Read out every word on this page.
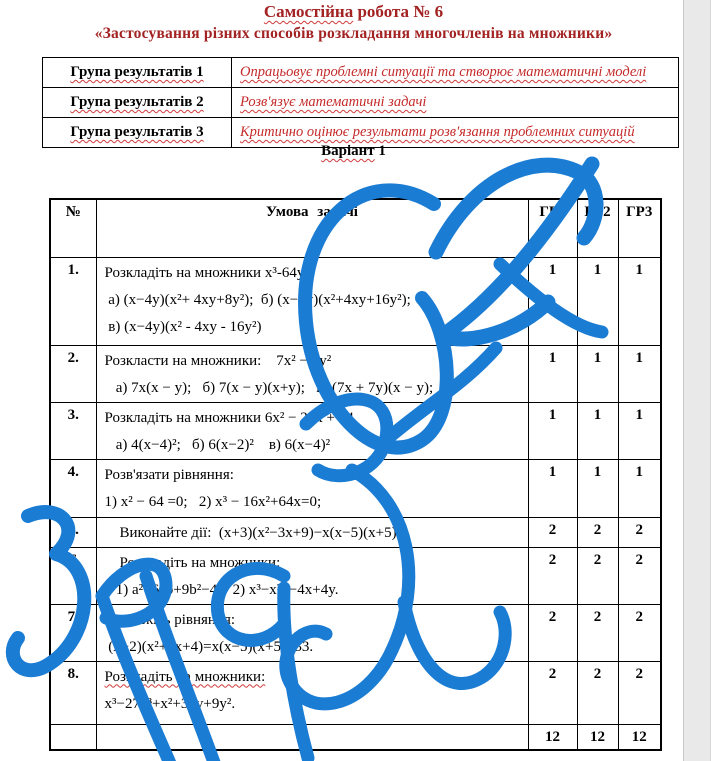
Самостійна робота № 6
«Застосування різних способів розкладання многочленів на множники»
Група результатів 1	Опрацьовує проблемні ситуації та створює математичні моделі
Група результатів 2	Розв'язує математичні задачі
Група результатів 3	Критично оцінює результати розв'язання проблемних ситуацій
Варіант 1
№	Умова задачі	ГР1	ГР2	ГР3
1.	Розкладіть на множники x³-64y³
а) (x−4y)(x²+ 4xy+8y²);  б) (x−4y)(x²+4xy+16y²);
в) (x−4y)(x² - 4xy - 16y²)	1	1	1
2.	Розкласти на множники:    7x² − 7y²
а) 7x(x − y);   б) 7(x − y)(x+y);   в) (7x + 7y)(x − y);	1	1	1
3.	Розкладіть на множники 6x² − 24x + 24
а) 4(x−4)²;   б) 6(x−2)²    в) 6(x−4)²	1	1	1
4.	Розв'язати рівняння:
1) x² − 64 =0;   2) x³ − 16x²+64x=0;	1	1	1
5.	Виконайте дії:  (x+3)(x²−3x+9)−x(x−5)(x+5).	2	2	2
6	Розкладіть на множники:
1) a²+6ab+9b²−4;   2) x³−x²y−4x+4y.	2	2	2
7.	Розв'яжіть рівняння:
(x−2)(x²+2x+4)=x(x−5)(x+5)−33.	2	2	2
8.	Розкладіть на множники:
x³−27y³+x²+3xy+9y².	2	2	2
		12	12	12
